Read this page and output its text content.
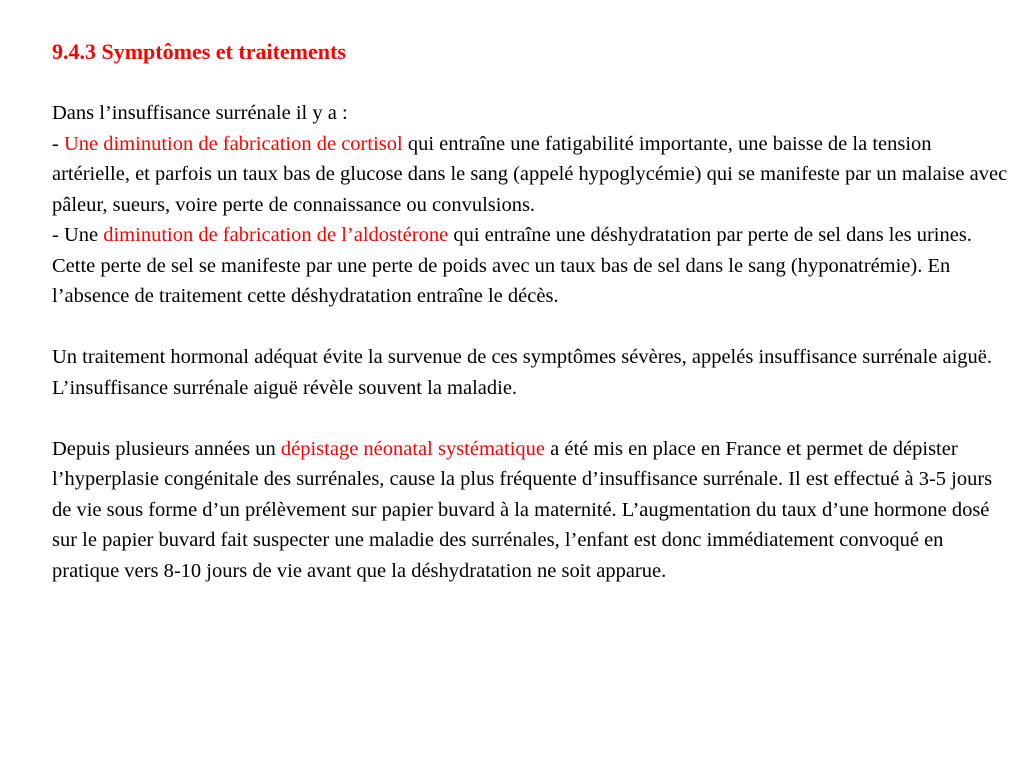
9.4.3 Symptômes et traitements

Dans l’insuffisance surrénale il y a :

- Une diminution de fabrication de cortisol qui entraîne une fatigabilité importante, une baisse de la tension artérielle, et parfois un taux bas de glucose dans le sang (appelé hypoglycémie) qui se manifeste par un malaise avec pâleur, sueurs, voire perte de connaissance ou convulsions.

- Une diminution de fabrication de l’aldostérone qui entraîne une déshydratation par perte de sel dans les urines. Cette perte de sel se manifeste par une perte de poids avec un taux bas de sel dans le sang (hyponatrémie). En l’absence de traitement cette déshydratation entraîne le décès.

Un traitement hormonal adéquat évite la survenue de ces symptômes sévères, appelés insuffisance surrénale aiguë. L’insuffisance surrénale aiguë révèle souvent la maladie.

Depuis plusieurs années un dépistage néonatal systématique a été mis en place en France et permet de dépister l’hyperplasie congénitale des surrénales, cause la plus fréquente d’insuffisance surrénale. Il est effectué à 3-5 jours de vie sous forme d’un prélèvement sur papier buvard à la maternité. L’augmentation du taux d’une hormone dosé sur le papier buvard fait suspecter une maladie des surrénales, l’enfant est donc immédiatement convoqué en pratique vers 8-10 jours de vie avant que la déshydratation ne soit apparue.
